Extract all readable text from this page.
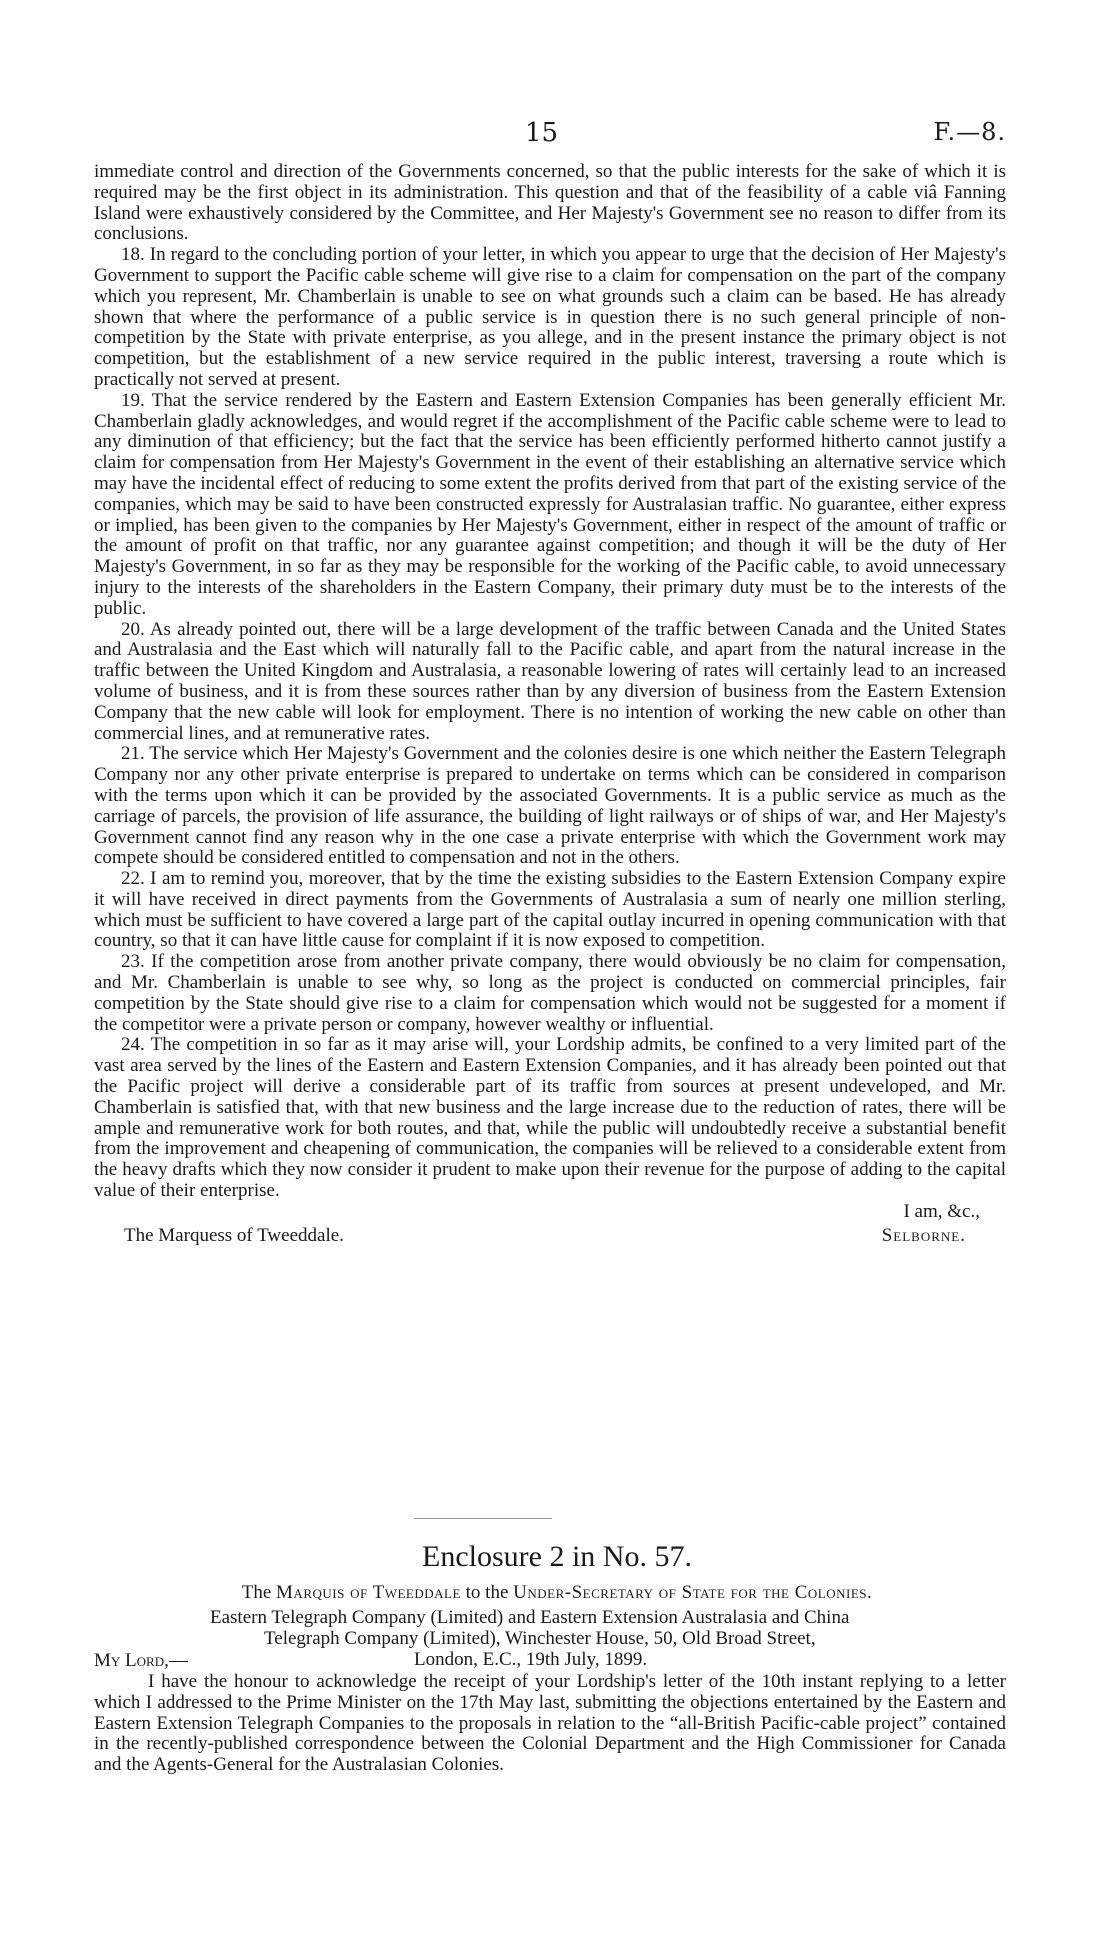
15	F.—8.

immediate control and direction of the Governments concerned, so that the public interests for the sake of which it is required may be the first object in its administration. This question and that of the feasibility of a cable viâ Fanning Island were exhaustively considered by the Committee, and Her Majesty's Government see no reason to differ from its conclusions.

18. In regard to the concluding portion of your letter, in which you appear to urge that the decision of Her Majesty's Government to support the Pacific cable scheme will give rise to a claim for compensation on the part of the company which you represent, Mr. Chamberlain is unable to see on what grounds such a claim can be based. He has already shown that where the performance of a public service is in question there is no such general principle of non-competition by the State with private enterprise, as you allege, and in the present instance the primary object is not competition, but the establishment of a new service required in the public interest, traversing a route which is practically not served at present.

19. That the service rendered by the Eastern and Eastern Extension Companies has been generally efficient Mr. Chamberlain gladly acknowledges, and would regret if the accomplishment of the Pacific cable scheme were to lead to any diminution of that efficiency; but the fact that the service has been efficiently performed hitherto cannot justify a claim for compensation from Her Majesty's Government in the event of their establishing an alternative service which may have the incidental effect of reducing to some extent the profits derived from that part of the existing service of the companies, which may be said to have been constructed expressly for Australasian traffic. No guarantee, either express or implied, has been given to the companies by Her Majesty's Government, either in respect of the amount of traffic or the amount of profit on that traffic, nor any guarantee against competition; and though it will be the duty of Her Majesty's Government, in so far as they may be responsible for the working of the Pacific cable, to avoid unnecessary injury to the interests of the shareholders in the Eastern Company, their primary duty must be to the interests of the public.

20. As already pointed out, there will be a large development of the traffic between Canada and the United States and Australasia and the East which will naturally fall to the Pacific cable, and apart from the natural increase in the traffic between the United Kingdom and Australasia, a reasonable lowering of rates will certainly lead to an increased volume of business, and it is from these sources rather than by any diversion of business from the Eastern Extension Company that the new cable will look for employment. There is no intention of working the new cable on other than commercial lines, and at remunerative rates.

21. The service which Her Majesty's Government and the colonies desire is one which neither the Eastern Telegraph Company nor any other private enterprise is prepared to undertake on terms which can be considered in comparison with the terms upon which it can be provided by the associated Governments. It is a public service as much as the carriage of parcels, the provision of life assurance, the building of light railways or of ships of war, and Her Majesty's Government cannot find any reason why in the one case a private enterprise with which the Government work may compete should be considered entitled to compensation and not in the others.

22. I am to remind you, moreover, that by the time the existing subsidies to the Eastern Extension Company expire it will have received in direct payments from the Governments of Australasia a sum of nearly one million sterling, which must be sufficient to have covered a large part of the capital outlay incurred in opening communication with that country, so that it can have little cause for complaint if it is now exposed to competition.

23. If the competition arose from another private company, there would obviously be no claim for compensation, and Mr. Chamberlain is unable to see why, so long as the project is conducted on commercial principles, fair competition by the State should give rise to a claim for compensation which would not be suggested for a moment if the competitor were a private person or company, however wealthy or influential.

24. The competition in so far as it may arise will, your Lordship admits, be confined to a very limited part of the vast area served by the lines of the Eastern and Eastern Extension Companies, and it has already been pointed out that the Pacific project will derive a considerable part of its traffic from sources at present undeveloped, and Mr. Chamberlain is satisfied that, with that new business and the large increase due to the reduction of rates, there will be ample and remunerative work for both routes, and that, while the public will undoubtedly receive a substantial benefit from the improvement and cheapening of communication, the companies will be relieved to a considerable extent from the heavy drafts which they now consider it prudent to make upon their revenue for the purpose of adding to the capital value of their enterprise.

I am, &c.,
The Marquess of Tweeddale.	Selborne.
Enclosure 2 in No. 57.
The Marquis of Tweeddale to the Under-Secretary of State for the Colonies.
Eastern Telegraph Company (Limited) and Eastern Extension Australasia and China
Telegraph Company (Limited), Winchester House, 50, Old Broad Street,
London, E.C., 19th July, 1899.
My Lord,—

I have the honour to acknowledge the receipt of your Lordship's letter of the 10th instant replying to a letter which I addressed to the Prime Minister on the 17th May last, submitting the objections entertained by the Eastern and Eastern Extension Telegraph Companies to the proposals in relation to the “all-British Pacific-cable project” contained in the recently-published correspondence between the Colonial Department and the High Commissioner for Canada and the Agents-General for the Australasian Colonies.
